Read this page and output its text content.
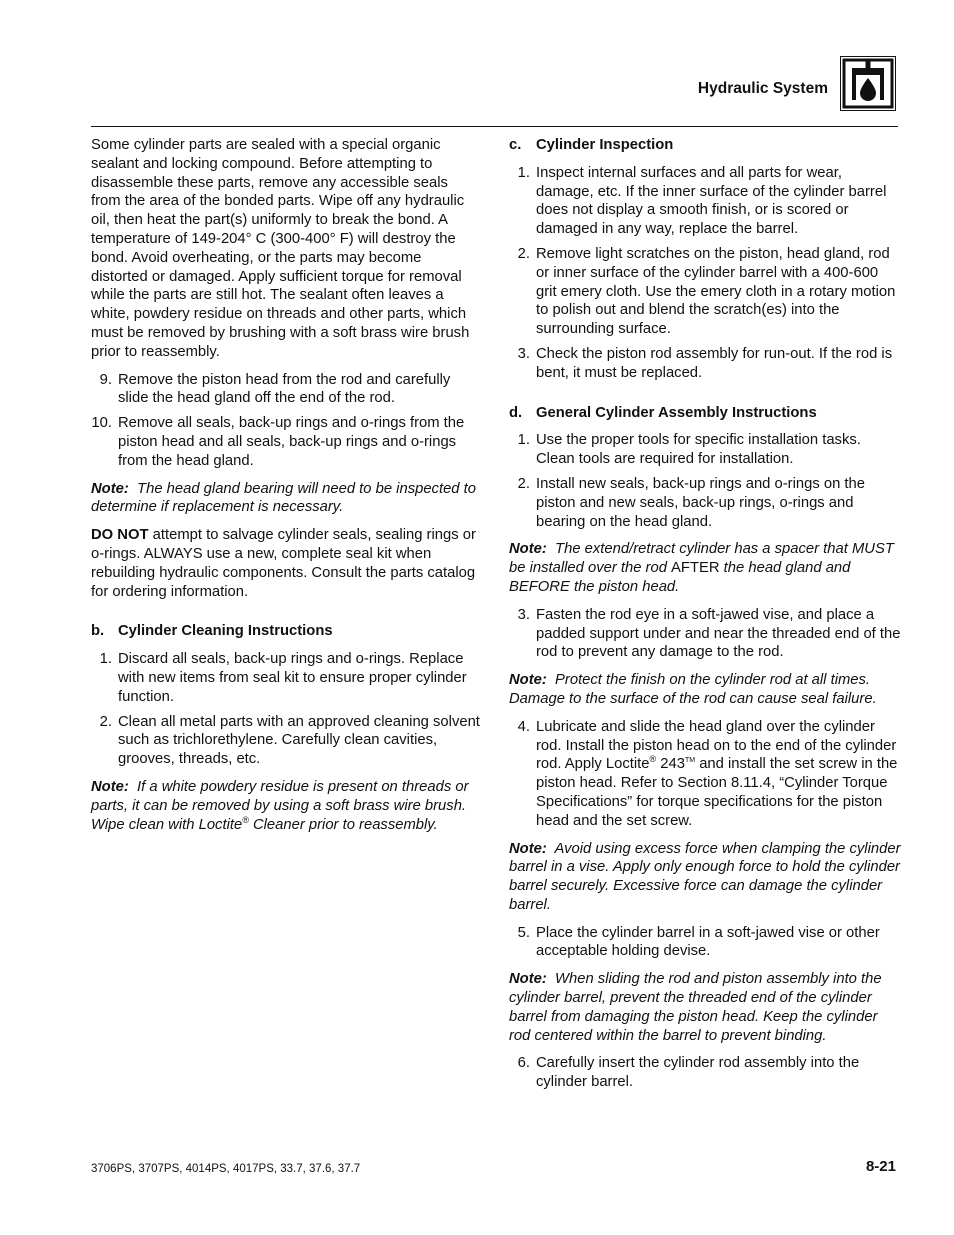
Hydraulic System

Some cylinder parts are sealed with a special organic sealant and locking compound. Before attempting to disassemble these parts, remove any accessible seals from the area of the bonded parts. Wipe off any hydraulic oil, then heat the part(s) uniformly to break the bond. A temperature of 149-204° C (300-400° F) will destroy the bond. Avoid overheating, or the parts may become distorted or damaged. Apply sufficient torque for removal while the parts are still hot. The sealant often leaves a white, powdery residue on threads and other parts, which must be removed by brushing with a soft brass wire brush prior to reassembly.

9. Remove the piston head from the rod and carefully slide the head gland off the end of the rod.
10. Remove all seals, back-up rings and o-rings from the piston head and all seals, back-up rings and o-rings from the head gland.

Note: The head gland bearing will need to be inspected to determine if replacement is necessary.

DO NOT attempt to salvage cylinder seals, sealing rings or o-rings. ALWAYS use a new, complete seal kit when rebuilding hydraulic components. Consult the parts catalog for ordering information.

b. Cylinder Cleaning Instructions
1. Discard all seals, back-up rings and o-rings. Replace with new items from seal kit to ensure proper cylinder function.
2. Clean all metal parts with an approved cleaning solvent such as trichlorethylene. Carefully clean cavities, grooves, threads, etc.

Note: If a white powdery residue is present on threads or parts, it can be removed by using a soft brass wire brush. Wipe clean with Loctite® Cleaner prior to reassembly.

c. Cylinder Inspection
1. Inspect internal surfaces and all parts for wear, damage, etc. If the inner surface of the cylinder barrel does not display a smooth finish, or is scored or damaged in any way, replace the barrel.
2. Remove light scratches on the piston, head gland, rod or inner surface of the cylinder barrel with a 400-600 grit emery cloth. Use the emery cloth in a rotary motion to polish out and blend the scratch(es) into the surrounding surface.
3. Check the piston rod assembly for run-out. If the rod is bent, it must be replaced.
d. General Cylinder Assembly Instructions
1. Use the proper tools for specific installation tasks. Clean tools are required for installation.
2. Install new seals, back-up rings and o-rings on the piston and new seals, back-up rings, o-rings and bearing on the head gland.

Note: The extend/retract cylinder has a spacer that MUST be installed over the rod AFTER the head gland and BEFORE the piston head.

3. Fasten the rod eye in a soft-jawed vise, and place a padded support under and near the threaded end of the rod to prevent any damage to the rod.

Note: Protect the finish on the cylinder rod at all times. Damage to the surface of the rod can cause seal failure.

4. Lubricate and slide the head gland over the cylinder rod. Install the piston head on to the end of the cylinder rod. Apply Loctite® 243™ and install the set screw in the piston head. Refer to Section 8.11.4, “Cylinder Torque Specifications” for torque specifications for the piston head and the set screw.

Note: Avoid using excess force when clamping the cylinder barrel in a vise. Apply only enough force to hold the cylinder barrel securely. Excessive force can damage the cylinder barrel.

5. Place the cylinder barrel in a soft-jawed vise or other acceptable holding devise.

Note: When sliding the rod and piston assembly into the cylinder barrel, prevent the threaded end of the cylinder barrel from damaging the piston head. Keep the cylinder rod centered within the barrel to prevent binding.

6. Carefully insert the cylinder rod assembly into the cylinder barrel.
3706PS, 3707PS, 4014PS, 4017PS, 33.7, 37.6, 37.7	8-21
